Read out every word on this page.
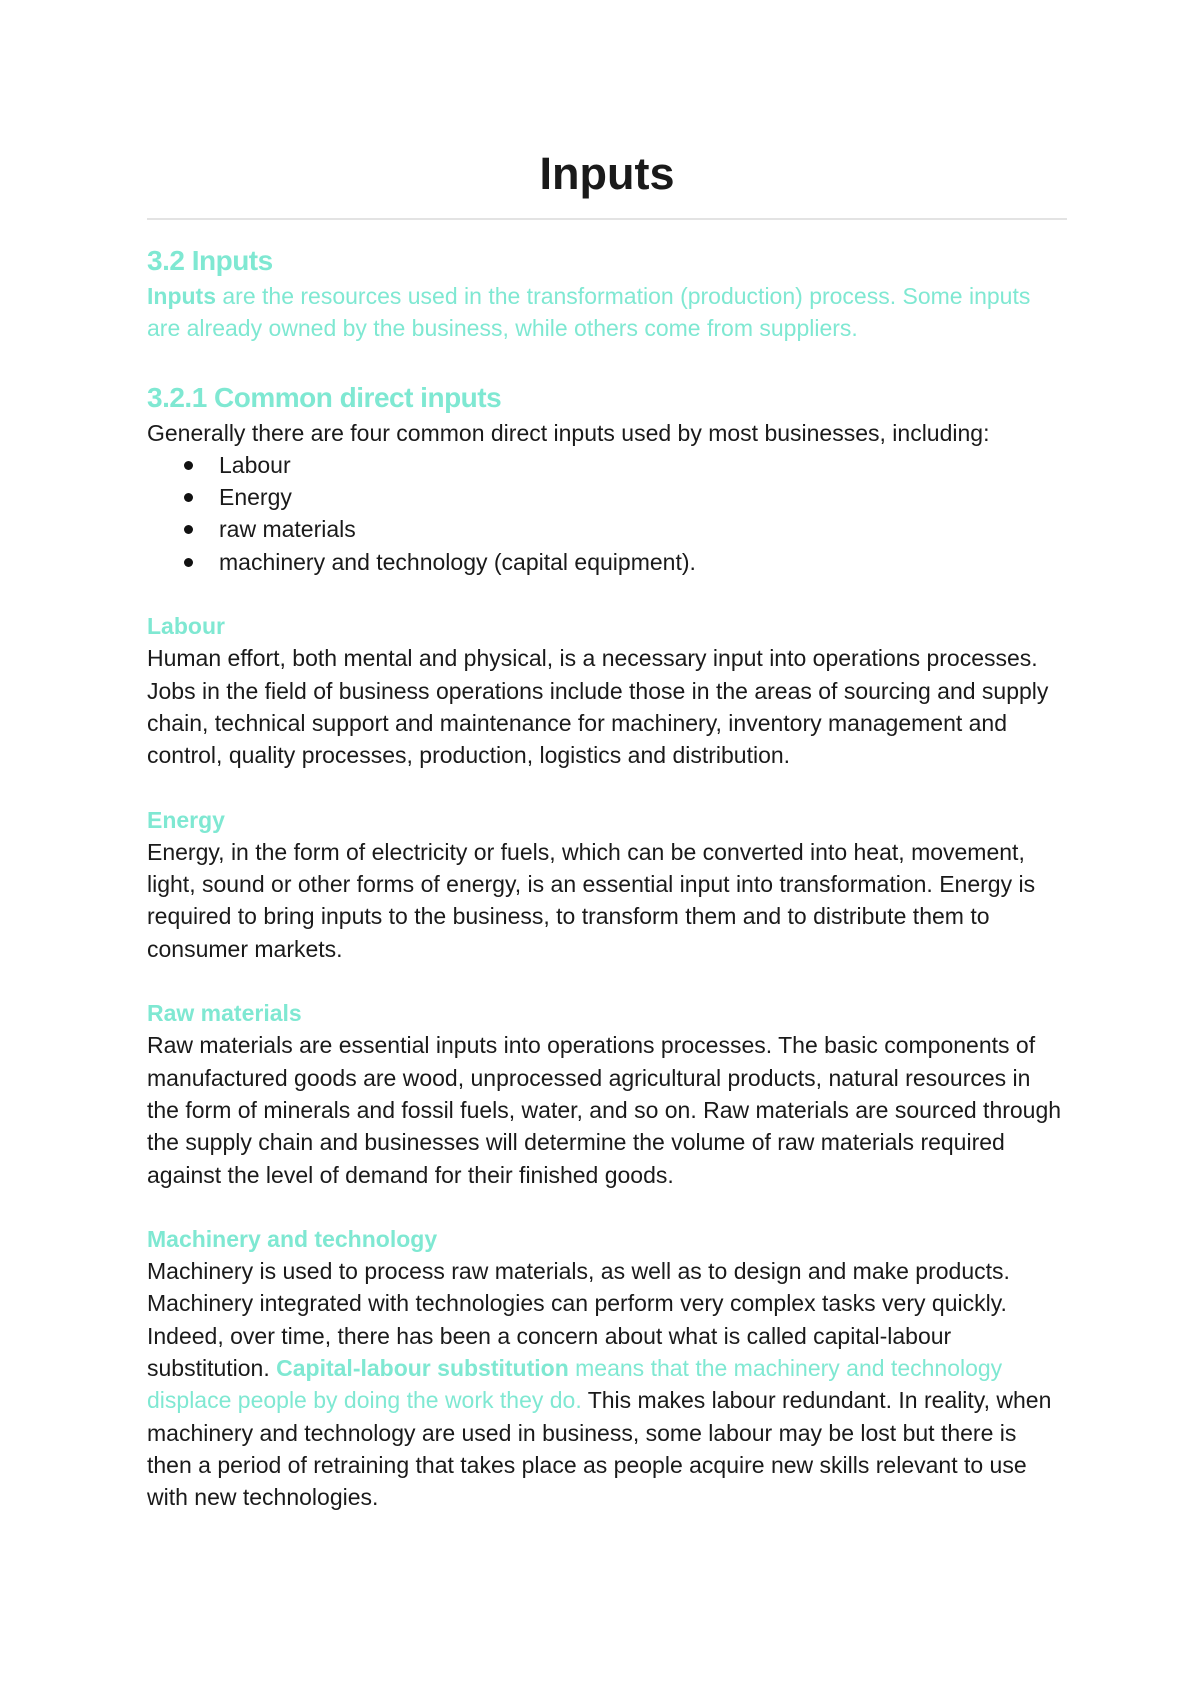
Inputs
3.2 Inputs

Inputs are the resources used in the transformation (production) process. Some inputs are already owned by the business, while others come from suppliers.

3.2.1 Common direct inputs

Generally there are four common direct inputs used by most businesses, including:

Labour
Energy
raw materials
machinery and technology (capital equipment).
Labour

Human effort, both mental and physical, is a necessary input into operations processes. Jobs in the field of business operations include those in the areas of sourcing and supply chain, technical support and maintenance for machinery, inventory management and control, quality processes, production, logistics and distribution.

Energy

Energy, in the form of electricity or fuels, which can be converted into heat, movement, light, sound or other forms of energy, is an essential input into transformation. Energy is required to bring inputs to the business, to transform them and to distribute them to consumer markets.

Raw materials

Raw materials are essential inputs into operations processes. The basic components of manufactured goods are wood, unprocessed agricultural products, natural resources in the form of minerals and fossil fuels, water, and so on. Raw materials are sourced through the supply chain and businesses will determine the volume of raw materials required against the level of demand for their finished goods.

Machinery and technology

Machinery is used to process raw materials, as well as to design and make products. Machinery integrated with technologies can perform very complex tasks very quickly. Indeed, over time, there has been a concern about what is called capital-labour substitution. Capital-labour substitution means that the machinery and technology displace people by doing the work they do. This makes labour redundant. In reality, when machinery and technology are used in business, some labour may be lost but there is then a period of retraining that takes place as people acquire new skills relevant to use with new technologies.
